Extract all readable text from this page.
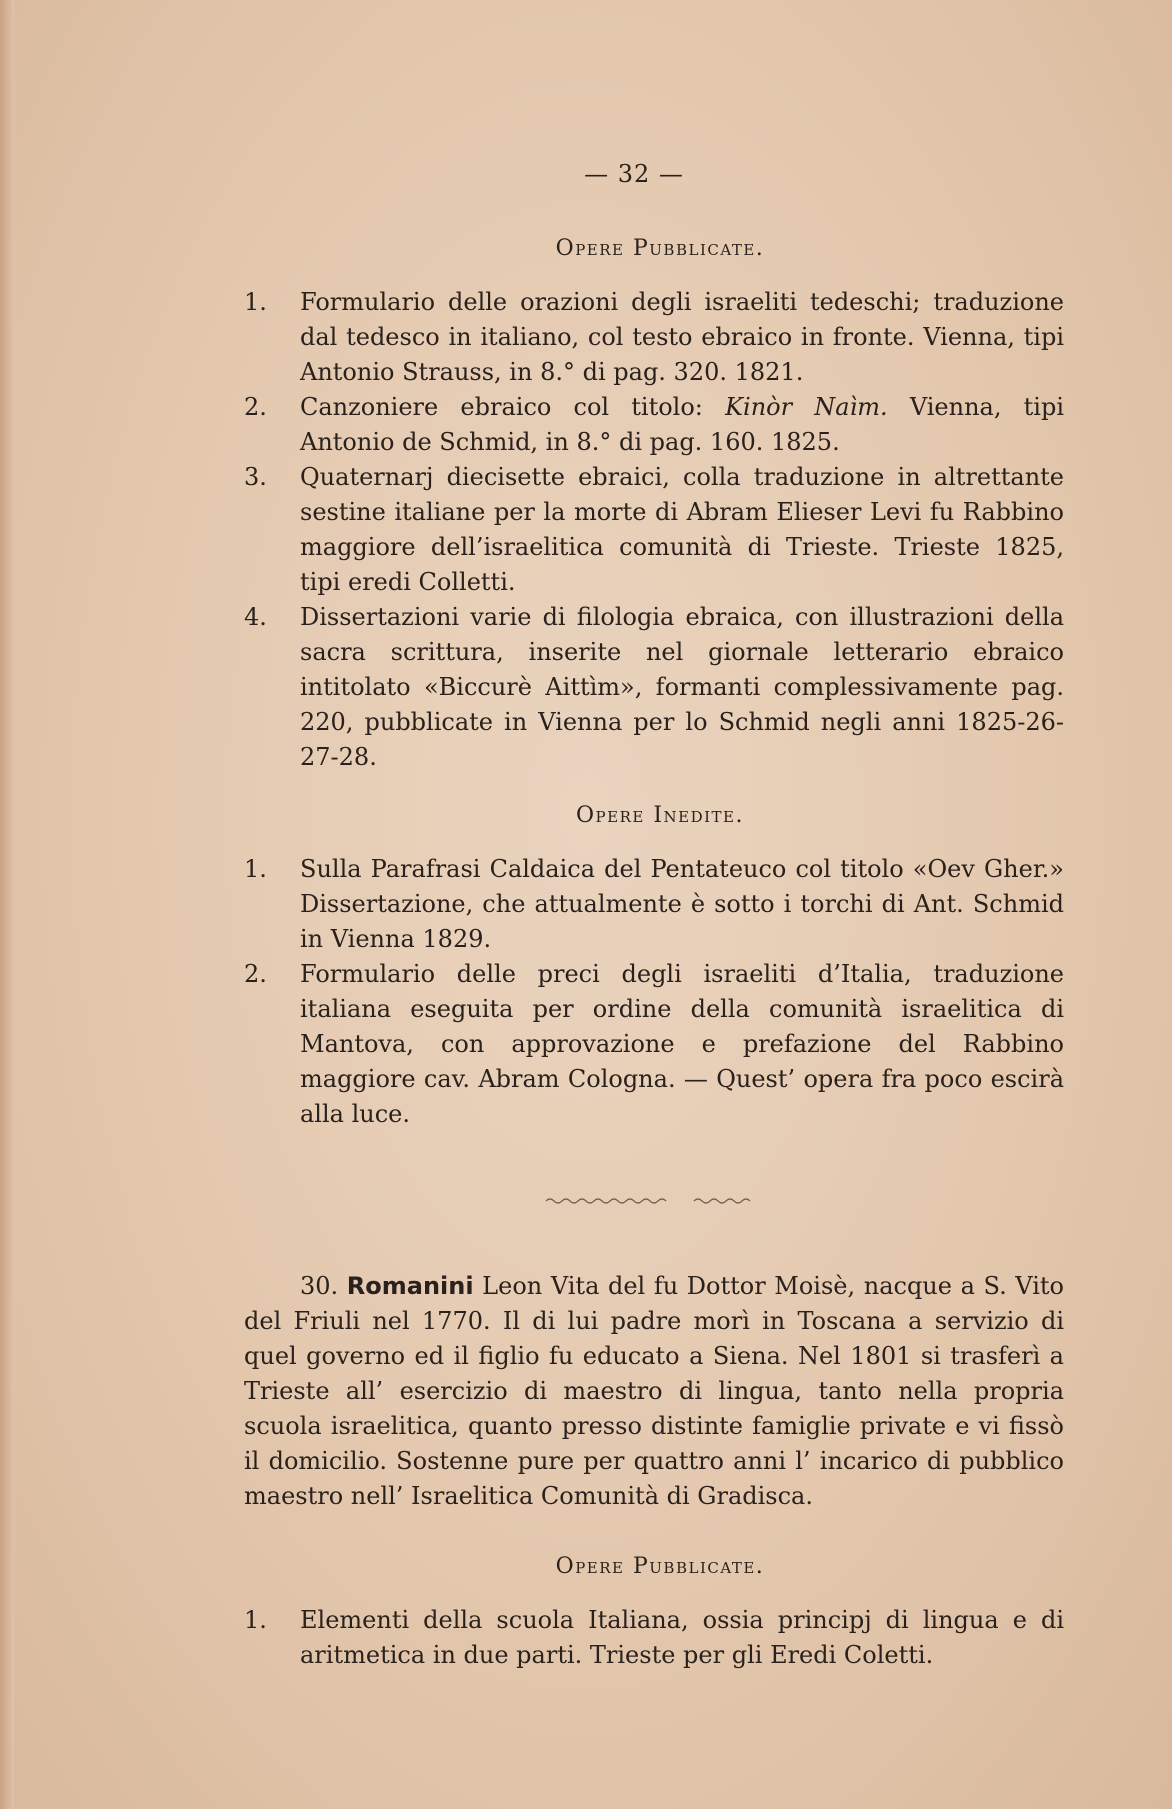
— 32 —
Opere Pubblicate.
1. Formulario delle orazioni degli israeliti tedeschi; traduzione dal tedesco in italiano, col testo ebraico in fronte. Vienna, tipi Antonio Strauss, in 8.° di pag. 320. 1821.
2. Canzoniere ebraico col titolo: Kinòr Naìm. Vienna, tipi Antonio de Schmid, in 8.° di pag. 160. 1825.
3. Quaternarj diecisette ebraici, colla traduzione in altrettante sestine italiane per la morte di Abram Elieser Levi fu Rabbino maggiore dell’israelitica comunità di Trieste. Trieste 1825, tipi eredi Colletti.
4. Dissertazioni varie di filologia ebraica, con illustrazioni della sacra scrittura, inserite nel giornale letterario ebraico intitolato «Biccurè Aittìm», formanti complessivamente pag. 220, pubblicate in Vienna per lo Schmid negli anni 1825-26-27-28.
Opere Inedite.
1. Sulla Parafrasi Caldaica del Pentateuco col titolo «Oev Gher.» Dissertazione, che attualmente è sotto i torchi di Ant. Schmid in Vienna 1829.
2. Formulario delle preci degli israeliti d’Italia, traduzione italiana eseguita per ordine della comunità israelitica di Mantova, con approvazione e prefazione del Rabbino maggiore cav. Abram Cologna. — Quest’ opera fra poco escirà alla luce.

30. Romanini Leon Vita del fu Dottor Moisè, nacque a S. Vito del Friuli nel 1770. Il di lui padre morì in Toscana a servizio di quel governo ed il figlio fu educato a Siena. Nel 1801 si trasferì a Trieste all’ esercizio di maestro di lingua, tanto nella propria scuola israelitica, quanto presso distinte famiglie private e vi fissò il domicilio. Sostenne pure per quattro anni l’ incarico di pubblico maestro nell’ Israelitica Comunità di Gradisca.

Opere Pubblicate.
1. Elementi della scuola Italiana, ossia principj di lingua e di aritmetica in due parti. Trieste per gli Eredi Coletti.
